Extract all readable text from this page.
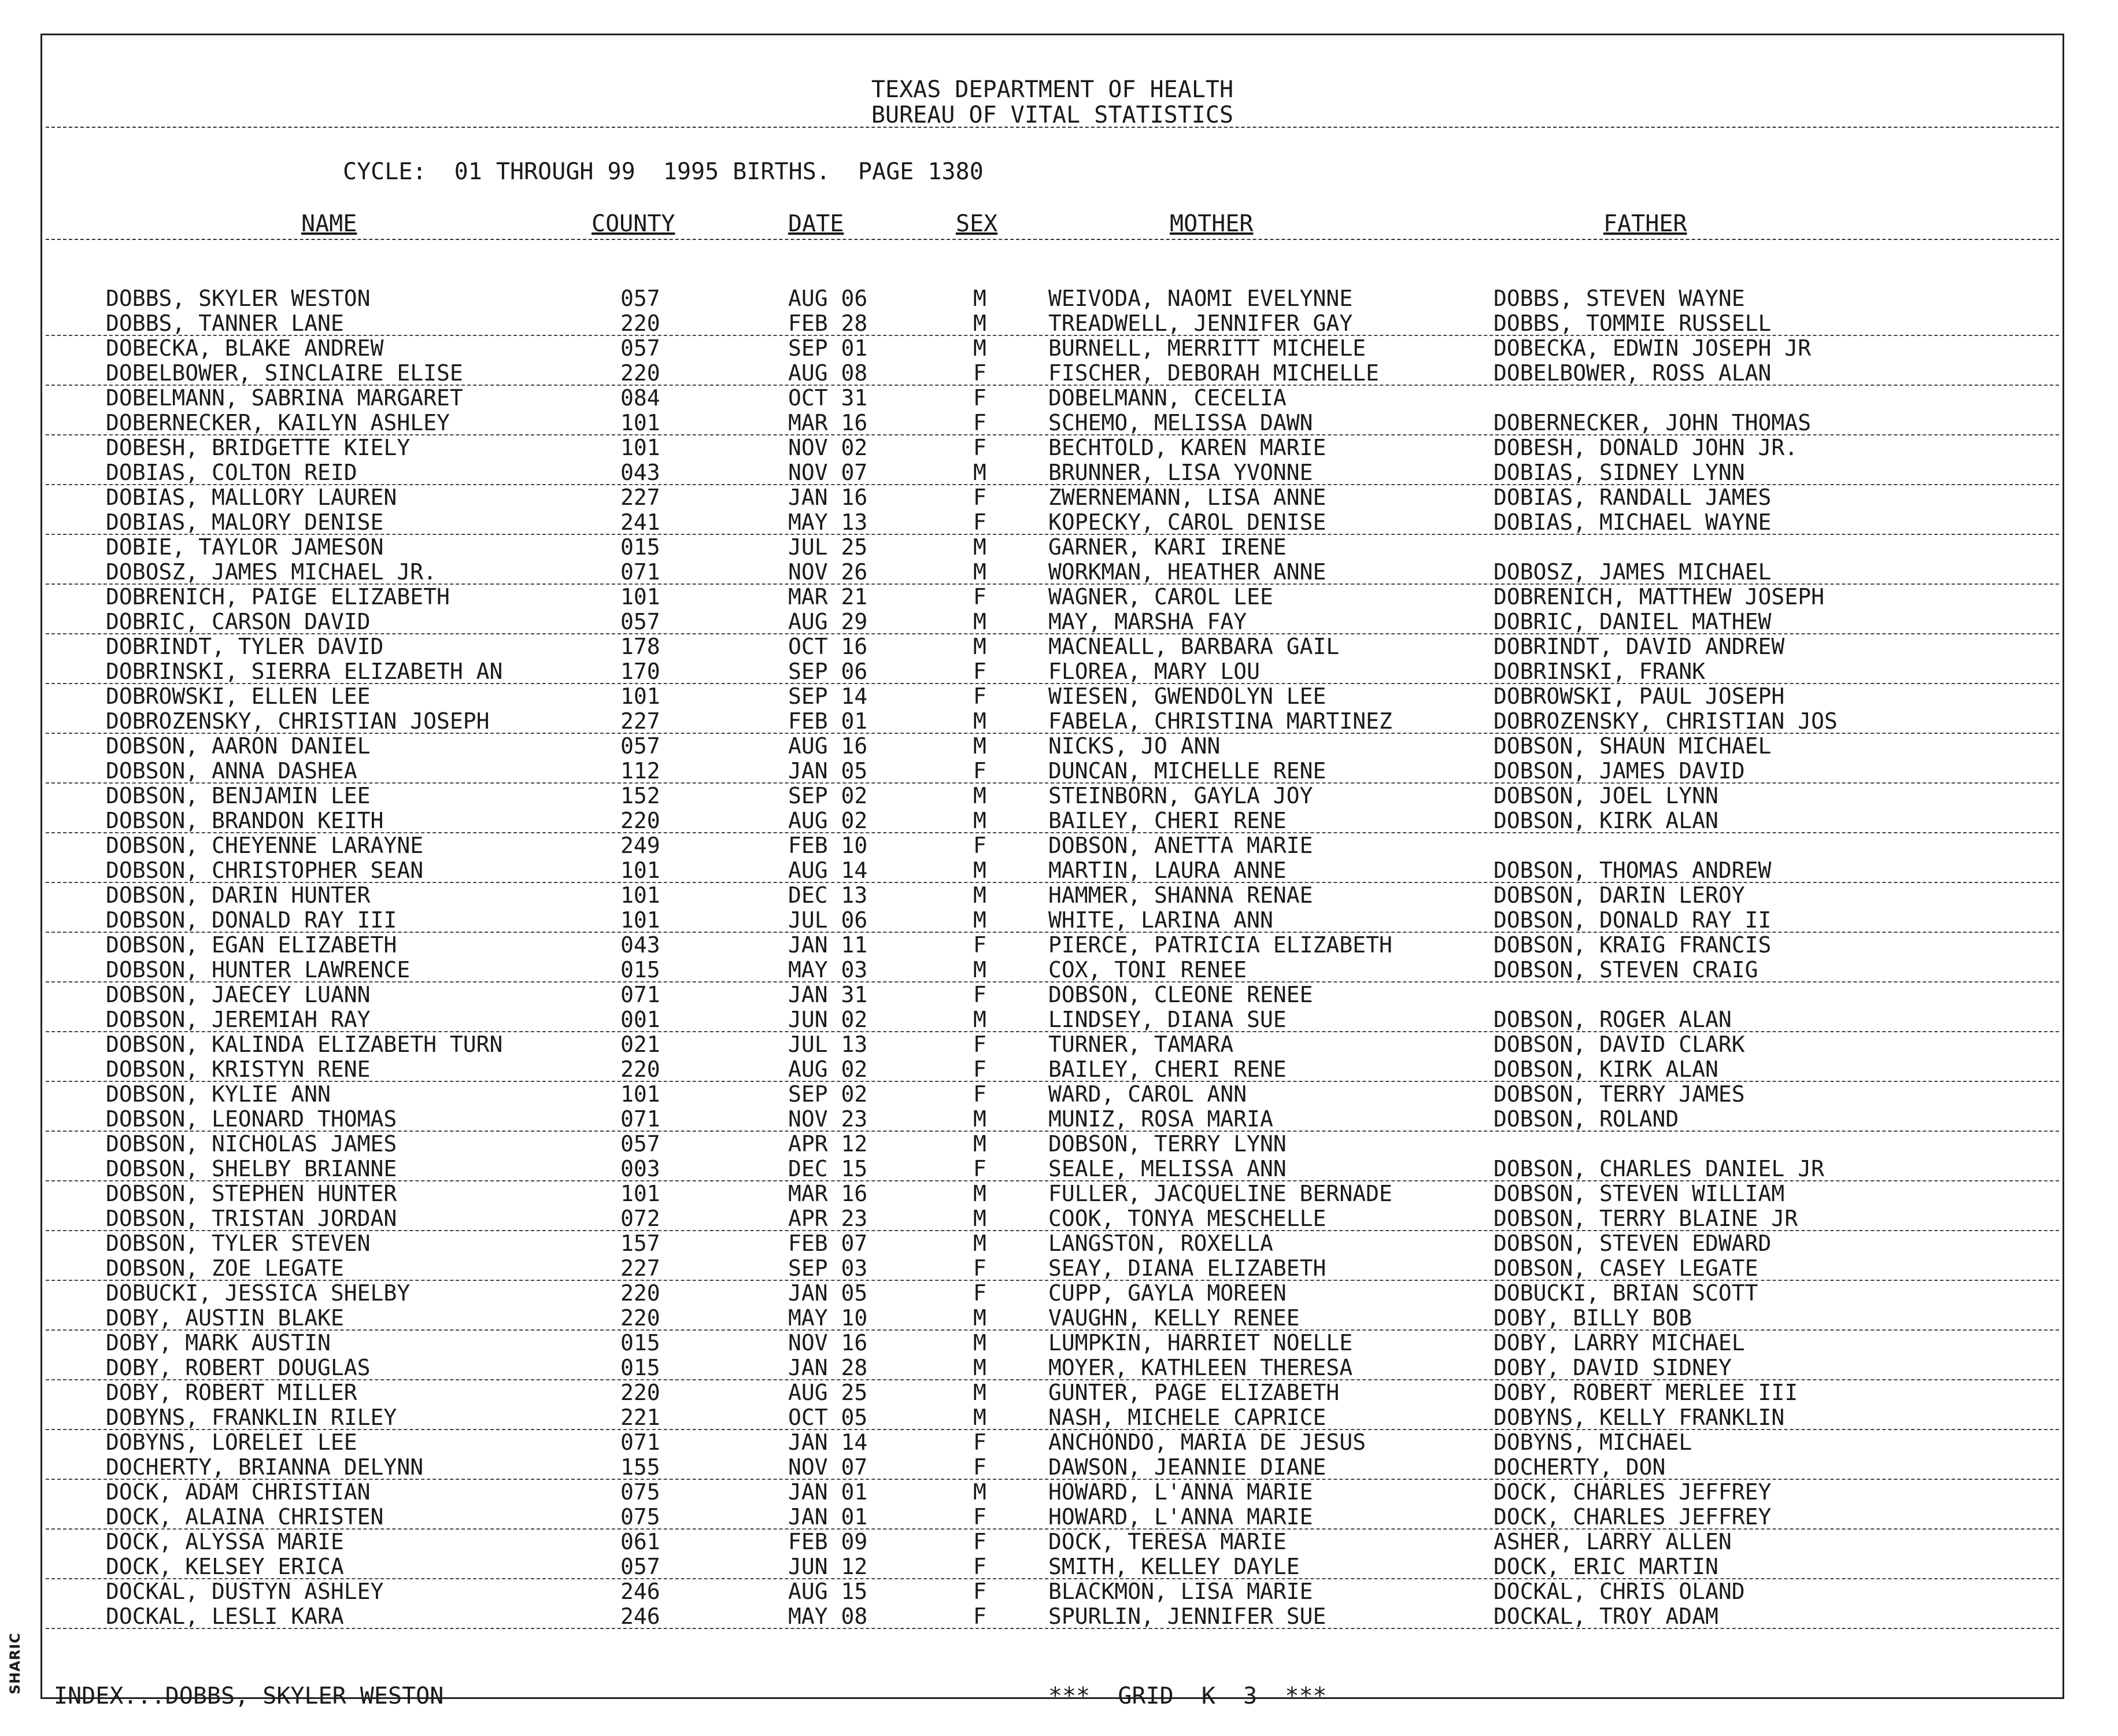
SHARIC
TEXAS DEPARTMENT OF HEALTH
BUREAU OF VITAL STATISTICS
CYCLE:  01 THROUGH 99  1995 BIRTHS.  PAGE 1380
NAME	COUNTY	DATE	SEX	MOTHER	FATHER
DOBBS, SKYLER WESTON	057	AUG 06	M	WEIVODA, NAOMI EVELYNNE	DOBBS, STEVEN WAYNE
DOBBS, TANNER LANE	220	FEB 28	M	TREADWELL, JENNIFER GAY	DOBBS, TOMMIE RUSSELL
DOBECKA, BLAKE ANDREW	057	SEP 01	M	BURNELL, MERRITT MICHELE	DOBECKA, EDWIN JOSEPH JR
DOBELBOWER, SINCLAIRE ELISE	220	AUG 08	F	FISCHER, DEBORAH MICHELLE	DOBELBOWER, ROSS ALAN
DOBELMANN, SABRINA MARGARET	084	OCT 31	F	DOBELMANN, CECELIA
DOBERNECKER, KAILYN ASHLEY	101	MAR 16	F	SCHEMO, MELISSA DAWN	DOBERNECKER, JOHN THOMAS
DOBESH, BRIDGETTE KIELY	101	NOV 02	F	BECHTOLD, KAREN MARIE	DOBESH, DONALD JOHN JR.
DOBIAS, COLTON REID	043	NOV 07	M	BRUNNER, LISA YVONNE	DOBIAS, SIDNEY LYNN
DOBIAS, MALLORY LAUREN	227	JAN 16	F	ZWERNEMANN, LISA ANNE	DOBIAS, RANDALL JAMES
DOBIAS, MALORY DENISE	241	MAY 13	F	KOPECKY, CAROL DENISE	DOBIAS, MICHAEL WAYNE
DOBIE, TAYLOR JAMESON	015	JUL 25	M	GARNER, KARI IRENE
DOBOSZ, JAMES MICHAEL JR.	071	NOV 26	M	WORKMAN, HEATHER ANNE	DOBOSZ, JAMES MICHAEL
DOBRENICH, PAIGE ELIZABETH	101	MAR 21	F	WAGNER, CAROL LEE	DOBRENICH, MATTHEW JOSEPH
DOBRIC, CARSON DAVID	057	AUG 29	M	MAY, MARSHA FAY	DOBRIC, DANIEL MATHEW
DOBRINDT, TYLER DAVID	178	OCT 16	M	MACNEALL, BARBARA GAIL	DOBRINDT, DAVID ANDREW
DOBRINSKI, SIERRA ELIZABETH AN	170	SEP 06	F	FLOREA, MARY LOU	DOBRINSKI, FRANK
DOBROWSKI, ELLEN LEE	101	SEP 14	F	WIESEN, GWENDOLYN LEE	DOBROWSKI, PAUL JOSEPH
DOBROZENSKY, CHRISTIAN JOSEPH	227	FEB 01	M	FABELA, CHRISTINA MARTINEZ	DOBROZENSKY, CHRISTIAN JOS
DOBSON, AARON DANIEL	057	AUG 16	M	NICKS, JO ANN	DOBSON, SHAUN MICHAEL
DOBSON, ANNA DASHEA	112	JAN 05	F	DUNCAN, MICHELLE RENE	DOBSON, JAMES DAVID
DOBSON, BENJAMIN LEE	152	SEP 02	M	STEINBORN, GAYLA JOY	DOBSON, JOEL LYNN
DOBSON, BRANDON KEITH	220	AUG 02	M	BAILEY, CHERI RENE	DOBSON, KIRK ALAN
DOBSON, CHEYENNE LARAYNE	249	FEB 10	F	DOBSON, ANETTA MARIE
DOBSON, CHRISTOPHER SEAN	101	AUG 14	M	MARTIN, LAURA ANNE	DOBSON, THOMAS ANDREW
DOBSON, DARIN HUNTER	101	DEC 13	M	HAMMER, SHANNA RENAE	DOBSON, DARIN LEROY
DOBSON, DONALD RAY III	101	JUL 06	M	WHITE, LARINA ANN	DOBSON, DONALD RAY II
DOBSON, EGAN ELIZABETH	043	JAN 11	F	PIERCE, PATRICIA ELIZABETH	DOBSON, KRAIG FRANCIS
DOBSON, HUNTER LAWRENCE	015	MAY 03	M	COX, TONI RENEE	DOBSON, STEVEN CRAIG
DOBSON, JAECEY LUANN	071	JAN 31	F	DOBSON, CLEONE RENEE
DOBSON, JEREMIAH RAY	001	JUN 02	M	LINDSEY, DIANA SUE	DOBSON, ROGER ALAN
DOBSON, KALINDA ELIZABETH TURN	021	JUL 13	F	TURNER, TAMARA	DOBSON, DAVID CLARK
DOBSON, KRISTYN RENE	220	AUG 02	F	BAILEY, CHERI RENE	DOBSON, KIRK ALAN
DOBSON, KYLIE ANN	101	SEP 02	F	WARD, CAROL ANN	DOBSON, TERRY JAMES
DOBSON, LEONARD THOMAS	071	NOV 23	M	MUNIZ, ROSA MARIA	DOBSON, ROLAND
DOBSON, NICHOLAS JAMES	057	APR 12	M	DOBSON, TERRY LYNN
DOBSON, SHELBY BRIANNE	003	DEC 15	F	SEALE, MELISSA ANN	DOBSON, CHARLES DANIEL JR
DOBSON, STEPHEN HUNTER	101	MAR 16	M	FULLER, JACQUELINE BERNADE	DOBSON, STEVEN WILLIAM
DOBSON, TRISTAN JORDAN	072	APR 23	M	COOK, TONYA MESCHELLE	DOBSON, TERRY BLAINE JR
DOBSON, TYLER STEVEN	157	FEB 07	M	LANGSTON, ROXELLA	DOBSON, STEVEN EDWARD
DOBSON, ZOE LEGATE	227	SEP 03	F	SEAY, DIANA ELIZABETH	DOBSON, CASEY LEGATE
DOBUCKI, JESSICA SHELBY	220	JAN 05	F	CUPP, GAYLA MOREEN	DOBUCKI, BRIAN SCOTT
DOBY, AUSTIN BLAKE	220	MAY 10	M	VAUGHN, KELLY RENEE	DOBY, BILLY BOB
DOBY, MARK AUSTIN	015	NOV 16	M	LUMPKIN, HARRIET NOELLE	DOBY, LARRY MICHAEL
DOBY, ROBERT DOUGLAS	015	JAN 28	M	MOYER, KATHLEEN THERESA	DOBY, DAVID SIDNEY
DOBY, ROBERT MILLER	220	AUG 25	M	GUNTER, PAGE ELIZABETH	DOBY, ROBERT MERLEE III
DOBYNS, FRANKLIN RILEY	221	OCT 05	M	NASH, MICHELE CAPRICE	DOBYNS, KELLY FRANKLIN
DOBYNS, LORELEI LEE	071	JAN 14	F	ANCHONDO, MARIA DE JESUS	DOBYNS, MICHAEL
DOCHERTY, BRIANNA DELYNN	155	NOV 07	F	DAWSON, JEANNIE DIANE	DOCHERTY, DON
DOCK, ADAM CHRISTIAN	075	JAN 01	M	HOWARD, L'ANNA MARIE	DOCK, CHARLES JEFFREY
DOCK, ALAINA CHRISTEN	075	JAN 01	F	HOWARD, L'ANNA MARIE	DOCK, CHARLES JEFFREY
DOCK, ALYSSA MARIE	061	FEB 09	F	DOCK, TERESA MARIE	ASHER, LARRY ALLEN
DOCK, KELSEY ERICA	057	JUN 12	F	SMITH, KELLEY DAYLE	DOCK, ERIC MARTIN
DOCKAL, DUSTYN ASHLEY	246	AUG 15	F	BLACKMON, LISA MARIE	DOCKAL, CHRIS OLAND
DOCKAL, LESLI KARA	246	MAY 08	F	SPURLIN, JENNIFER SUE	DOCKAL, TROY ADAM
INDEX...DOBBS, SKYLER WESTON	***  GRID  K  3  ***
